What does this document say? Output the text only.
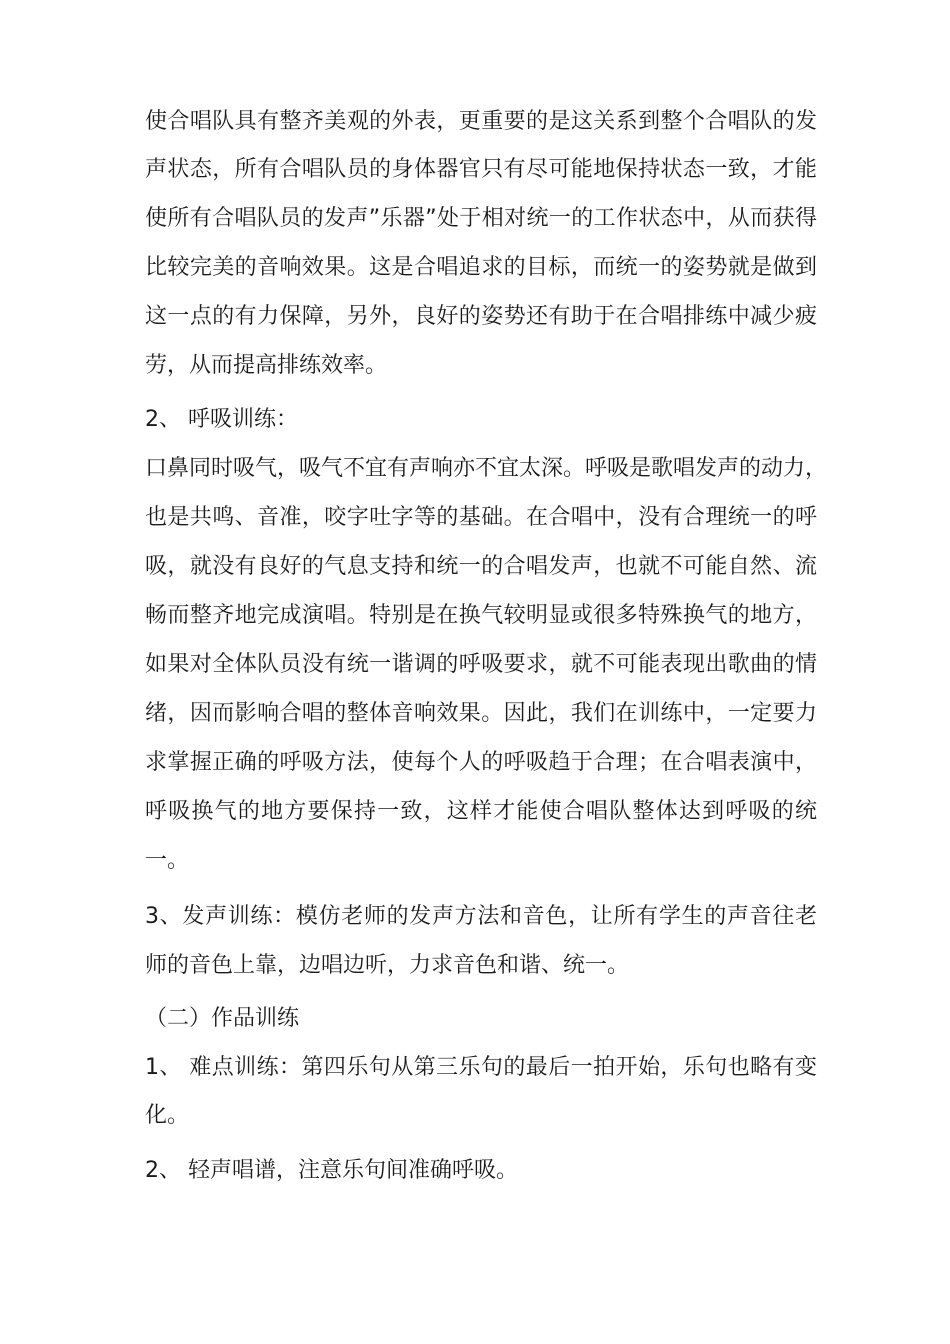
使合唱队具有整齐美观的外表，更重要的是这关系到整个合唱队的发
声状态，所有合唱队员的身体器官只有尽可能地保持状态一致，才能
使所有合唱队员的发声”乐器”处于相对统一的工作状态中，从而获得
比较完美的音响效果。这是合唱追求的目标，而统一的姿势就是做到
这一点的有力保障，另外，良好的姿势还有助于在合唱排练中减少疲
劳，从而提高排练效率。
2、 呼吸训练：
口鼻同时吸气，吸气不宜有声响亦不宜太深。呼吸是歌唱发声的动力，
也是共鸣、音准，咬字吐字等的基础。在合唱中，没有合理统一的呼
吸，就没有良好的气息支持和统一的合唱发声，也就不可能自然、流
畅而整齐地完成演唱。特别是在换气较明显或很多特殊换气的地方，
如果对全体队员没有统一谐调的呼吸要求，就不可能表现出歌曲的情
绪，因而影响合唱的整体音响效果。因此，我们在训练中，一定要力
求掌握正确的呼吸方法，使每个人的呼吸趋于合理；在合唱表演中，
呼吸换气的地方要保持一致，这样才能使合唱队整体达到呼吸的统
一。
3、发声训练：模仿老师的发声方法和音色，让所有学生的声音往老
师的音色上靠，边唱边听，力求音色和谐、统一。
（二）作品训练
1、 难点训练：第四乐句从第三乐句的最后一拍开始，乐句也略有变
化。
2、 轻声唱谱，注意乐句间准确呼吸。
